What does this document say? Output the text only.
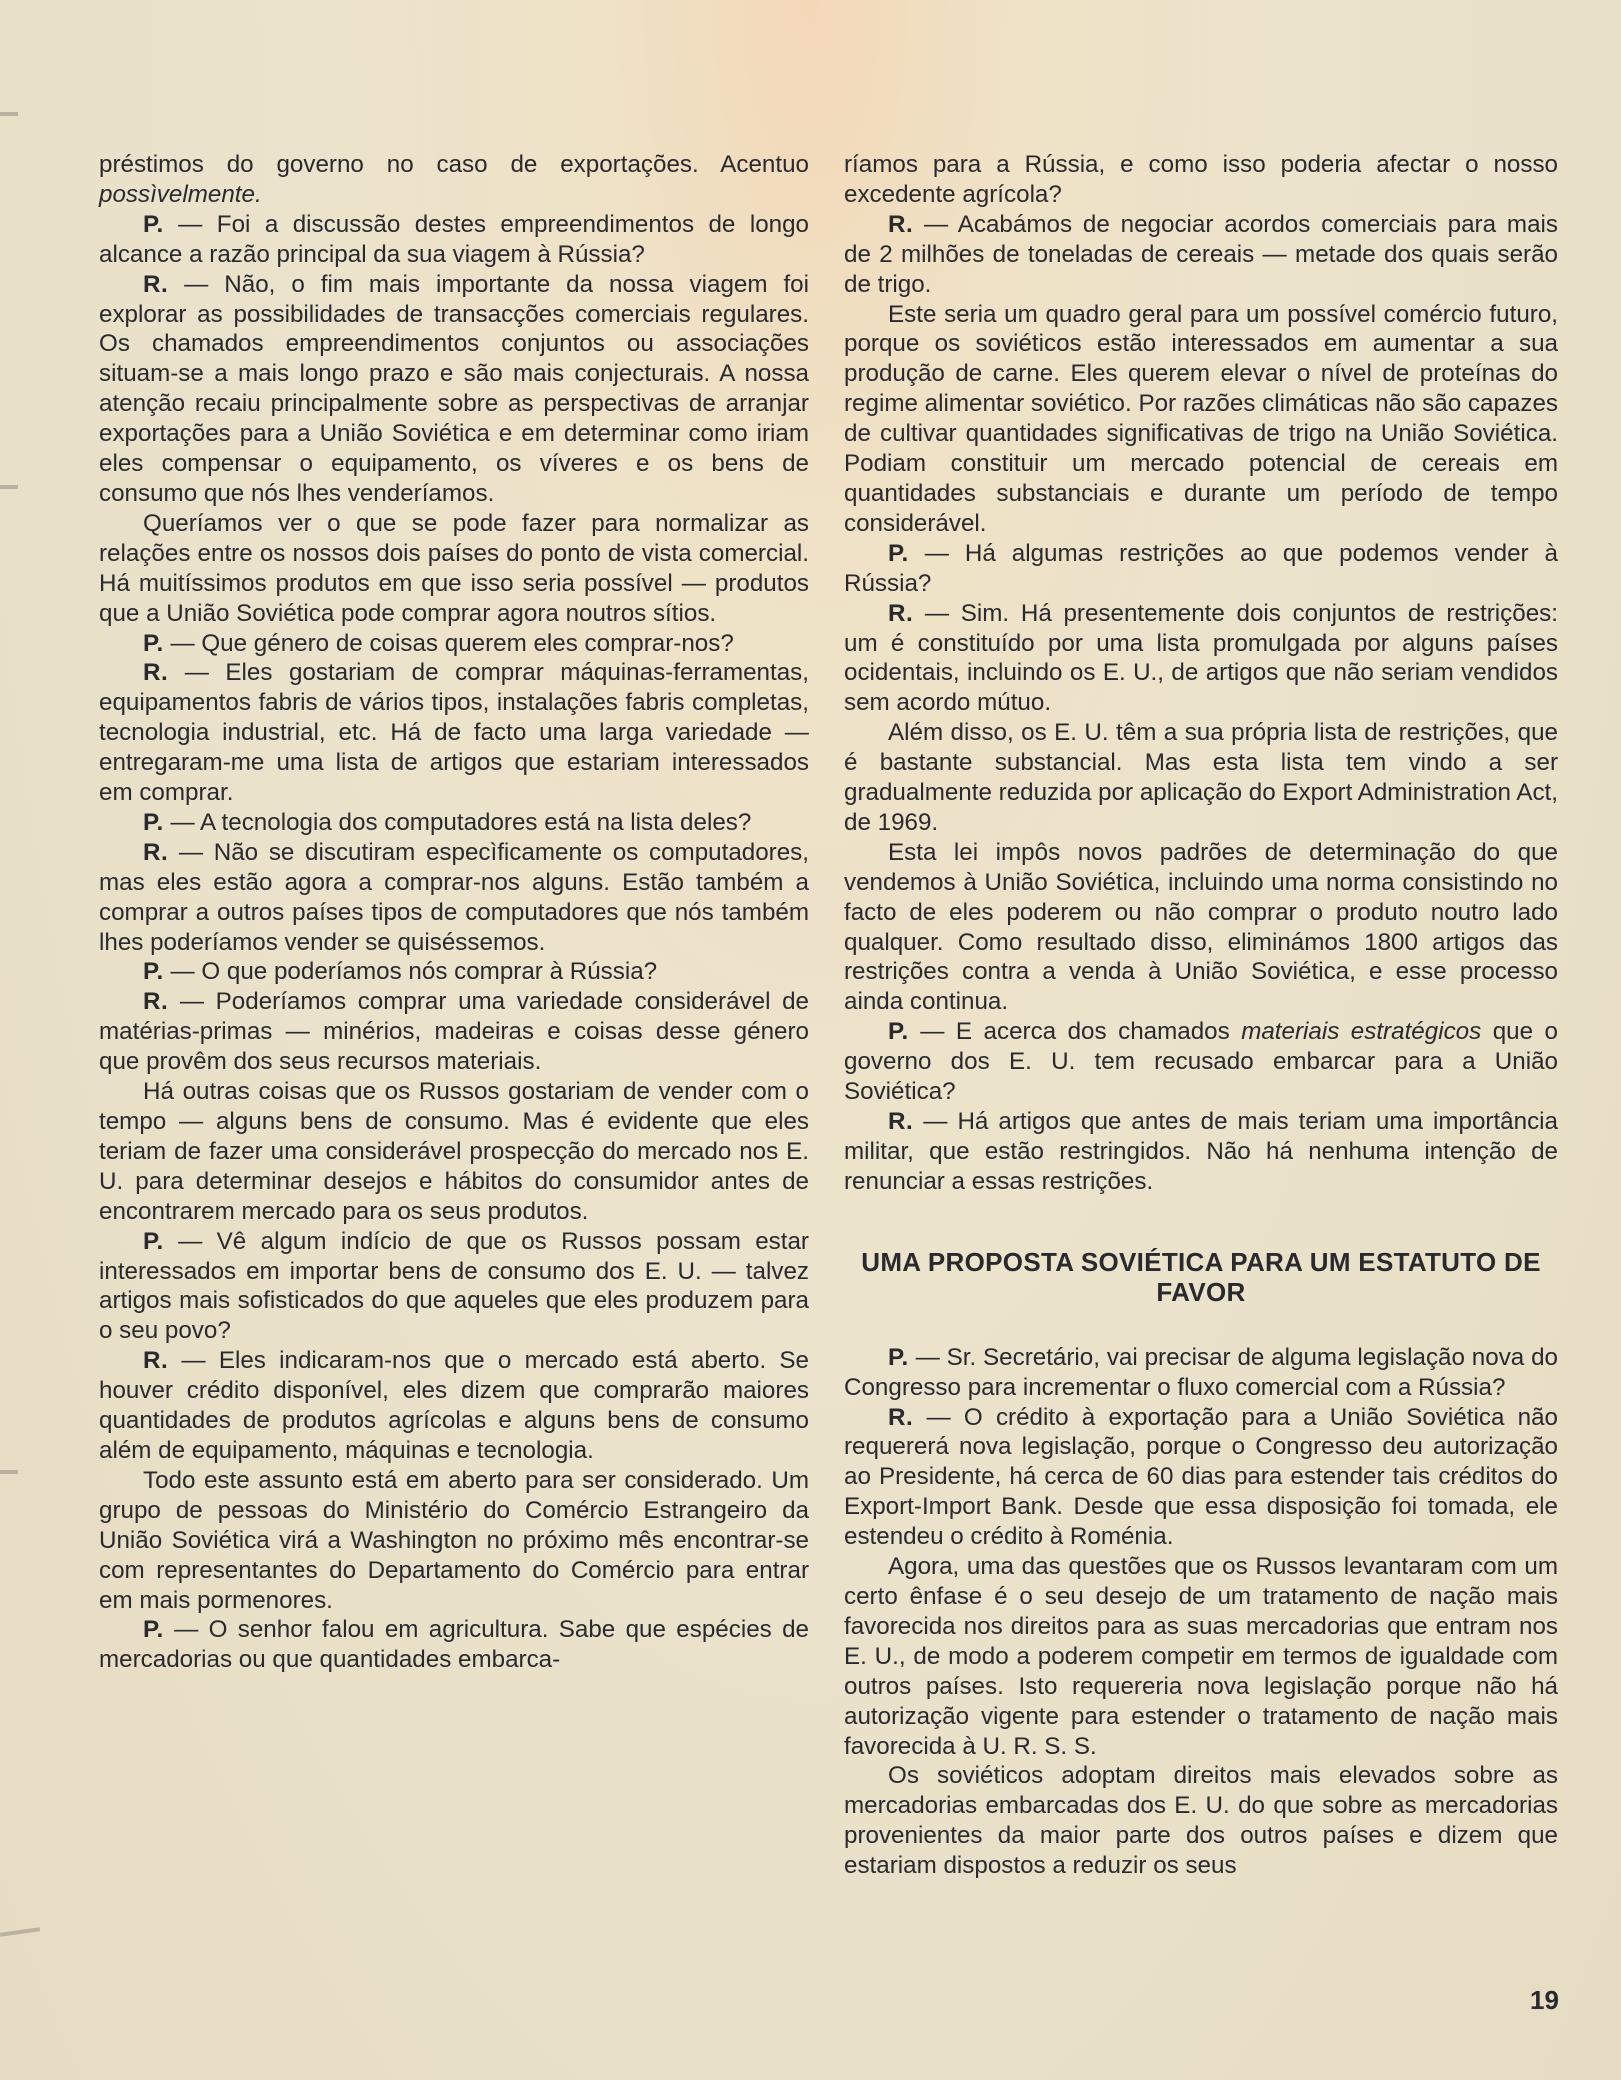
préstimos do governo no caso de exportações. Acentuo possìvelmente.

P. — Foi a discussão destes empreendimentos de longo alcance a razão principal da sua viagem à Rússia?

R. — Não, o fim mais importante da nossa viagem foi explorar as possibilidades de transacções comerciais regulares. Os chamados empreendimentos conjuntos ou associações situam-se a mais longo prazo e são mais conjecturais. A nossa atenção recaiu principalmente sobre as perspectivas de arranjar exportações para a União Soviética e em determinar como iriam eles compensar o equipamento, os víveres e os bens de consumo que nós lhes venderíamos.

Queríamos ver o que se pode fazer para normalizar as relações entre os nossos dois países do ponto de vista comercial. Há muitíssimos produtos em que isso seria possível — produtos que a União Soviética pode comprar agora noutros sítios.

P. — Que género de coisas querem eles comprar-nos?

R. — Eles gostariam de comprar máquinas-ferramentas, equipamentos fabris de vários tipos, instalações fabris completas, tecnologia industrial, etc. Há de facto uma larga variedade — entregaram-me uma lista de artigos que estariam interessados em comprar.

P. — A tecnologia dos computadores está na lista deles?

R. — Não se discutiram especìficamente os computadores, mas eles estão agora a comprar-nos alguns. Estão também a comprar a outros países tipos de computadores que nós também lhes poderíamos vender se quiséssemos.

P. — O que poderíamos nós comprar à Rússia?

R. — Poderíamos comprar uma variedade considerável de matérias-primas — minérios, madeiras e coisas desse género que provêm dos seus recursos materiais.

Há outras coisas que os Russos gostariam de vender com o tempo — alguns bens de consumo. Mas é evidente que eles teriam de fazer uma considerável prospecção do mercado nos E. U. para determinar desejos e hábitos do consumidor antes de encontrarem mercado para os seus produtos.

P. — Vê algum indício de que os Russos possam estar interessados em importar bens de consumo dos E. U. — talvez artigos mais sofisticados do que aqueles que eles produzem para o seu povo?

R. — Eles indicaram-nos que o mercado está aberto. Se houver crédito disponível, eles dizem que comprarão maiores quantidades de produtos agrícolas e alguns bens de consumo além de equipamento, máquinas e tecnologia.

Todo este assunto está em aberto para ser considerado. Um grupo de pessoas do Ministério do Comércio Estrangeiro da União Soviética virá a Washington no próximo mês encontrar-se com representantes do Departamento do Comércio para entrar em mais pormenores.

P. — O senhor falou em agricultura. Sabe que espécies de mercadorias ou que quantidades embarca-

ríamos para a Rússia, e como isso poderia afectar o nosso excedente agrícola?

R. — Acabámos de negociar acordos comerciais para mais de 2 milhões de toneladas de cereais — metade dos quais serão de trigo.

Este seria um quadro geral para um possível comércio futuro, porque os soviéticos estão interessados em aumentar a sua produção de carne. Eles querem elevar o nível de proteínas do regime alimentar soviético. Por razões climáticas não são capazes de cultivar quantidades significativas de trigo na União Soviética. Podiam constituir um mercado potencial de cereais em quantidades substanciais e durante um período de tempo considerável.

P. — Há algumas restrições ao que podemos vender à Rússia?

R. — Sim. Há presentemente dois conjuntos de restrições: um é constituído por uma lista promulgada por alguns países ocidentais, incluindo os E. U., de artigos que não seriam vendidos sem acordo mútuo.

Além disso, os E. U. têm a sua própria lista de restrições, que é bastante substancial. Mas esta lista tem vindo a ser gradualmente reduzida por aplicação do Export Administration Act, de 1969.

Esta lei impôs novos padrões de determinação do que vendemos à União Soviética, incluindo uma norma consistindo no facto de eles poderem ou não comprar o produto noutro lado qualquer. Como resultado disso, eliminámos 1800 artigos das restrições contra a venda à União Soviética, e esse processo ainda continua.

P. — E acerca dos chamados materiais estratégicos que o governo dos E. U. tem recusado embarcar para a União Soviética?

R. — Há artigos que antes de mais teriam uma importância militar, que estão restringidos. Não há nenhuma intenção de renunciar a essas restrições.

UMA PROPOSTA SOVIÉTICA PARA UM ESTATUTO DE FAVOR

P. — Sr. Secretário, vai precisar de alguma legislação nova do Congresso para incrementar o fluxo comercial com a Rússia?

R. — O crédito à exportação para a União Soviética não requererá nova legislação, porque o Congresso deu autorização ao Presidente, há cerca de 60 dias para estender tais créditos do Export-Import Bank. Desde que essa disposição foi tomada, ele estendeu o crédito à Roménia.

Agora, uma das questões que os Russos levantaram com um certo ênfase é o seu desejo de um tratamento de nação mais favorecida nos direitos para as suas mercadorias que entram nos E. U., de modo a poderem competir em termos de igualdade com outros países. Isto requereria nova legislação porque não há autorização vigente para estender o tratamento de nação mais favorecida à U. R. S. S.

Os soviéticos adoptam direitos mais elevados sobre as mercadorias embarcadas dos E. U. do que sobre as mercadorias provenientes da maior parte dos outros países e dizem que estariam dispostos a reduzir os seus

19
